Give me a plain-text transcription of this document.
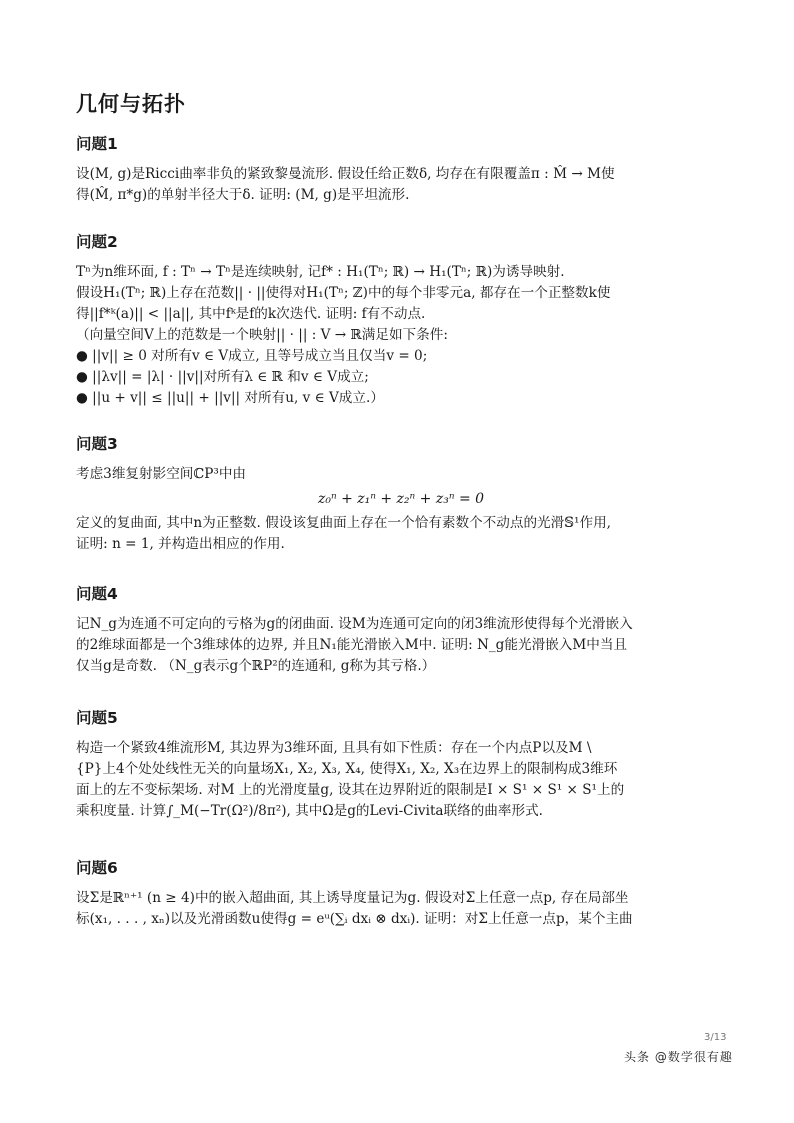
几何与拓扑
问题1

设(M, g)是Ricci曲率非负的紧致黎曼流形. 假设任给正数δ, 均存在有限覆盖π : M̂ → M使
得(M̂, π*g)的单射半径大于δ. 证明: (M, g)是平坦流形.

问题2

Tⁿ为n维环面, f : Tⁿ → Tⁿ是连续映射, 记f* : H₁(Tⁿ; ℝ) → H₁(Tⁿ; ℝ)为诱导映射.
假设H₁(Tⁿ; ℝ)上存在范数|| · ||使得对H₁(Tⁿ; ℤ)中的每个非零元a, 都存在一个正整数k使
得||f*ᵏ(a)|| < ||a||, 其中fᵏ是f的k次迭代. 证明: f有不动点.
（向量空间V上的范数是一个映射|| · || : V → ℝ满足如下条件:
● ||v|| ≥ 0 对所有v ∈ V成立, 且等号成立当且仅当v = 0;
● ||λv|| = |λ| · ||v||对所有λ ∈ ℝ 和v ∈ V成立;
● ||u + v|| ≤ ||u|| + ||v|| 对所有u, v ∈ V成立.）

问题3

考虑3维复射影空间ℂP³中由
z₀ⁿ + z₁ⁿ + z₂ⁿ + z₃ⁿ = 0
定义的复曲面, 其中n为正整数. 假设该复曲面上存在一个恰有素数个不动点的光滑𝕊¹作用,
证明: n = 1, 并构造出相应的作用.

问题4

记N_g为连通不可定向的亏格为g的闭曲面. 设M为连通可定向的闭3维流形使得每个光滑嵌入
的2维球面都是一个3维球体的边界, 并且N₁能光滑嵌入M中. 证明: N_g能光滑嵌入M中当且
仅当g是奇数. （N_g表示g个ℝP²的连通和, g称为其亏格.）

问题5

构造一个紧致4维流形M, 其边界为3维环面, 且具有如下性质：存在一个内点P以及M \
{P}上4个处处线性无关的向量场X₁, X₂, X₃, X₄, 使得X₁, X₂, X₃在边界上的限制构成3维环
面上的左不变标架场. 对M 上的光滑度量g, 设其在边界附近的限制是I × S¹ × S¹ × S¹上的
乘积度量. 计算∫_M(−Tr(Ω²)/8π²), 其中Ω是g的Levi-Civita联络的曲率形式.

问题6

设Σ是ℝⁿ⁺¹ (n ≥ 4)中的嵌入超曲面, 其上诱导度量记为g. 假设对Σ上任意一点p, 存在局部坐
标(x₁, . . . , xₙ)以及光滑函数u使得g = eᵘ(∑ᵢ dxᵢ ⊗ dxᵢ). 证明：对Σ上任意一点p，某个主曲

3/13
头条 @数学很有趣
